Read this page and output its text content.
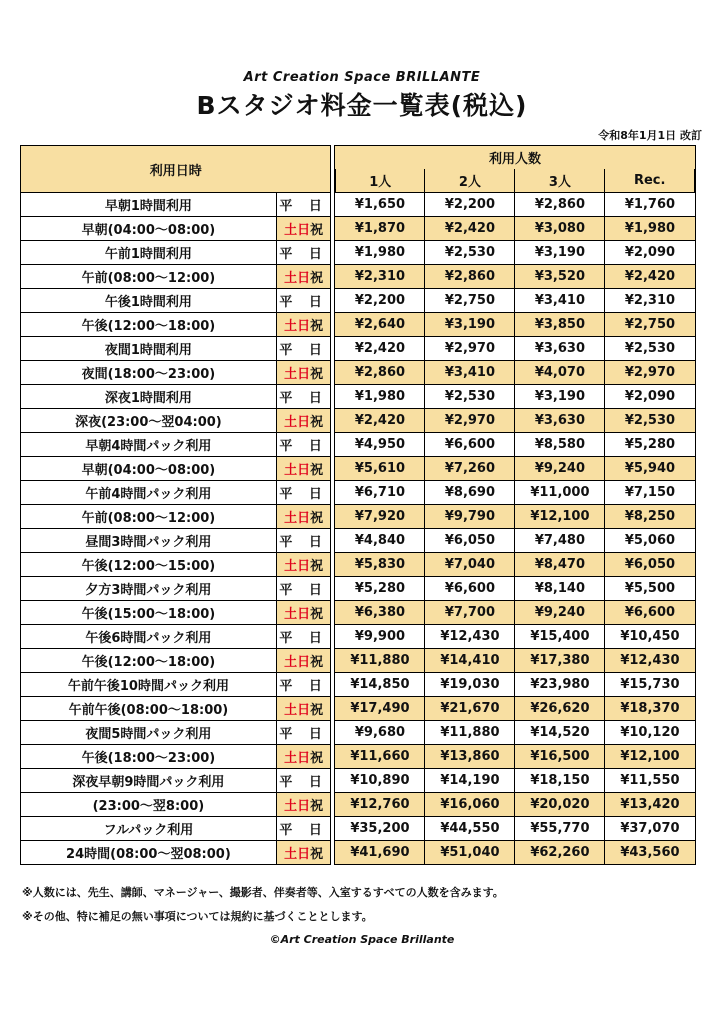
Art Creation Space BRILLANTE
Bスタジオ料金一覧表(税込)
令和8年1月1日 改訂
利用日時			利用人数			
			1人	2人	3人	Rec.
早朝1時間利用	平 日		¥1,650	¥2,200	¥2,860	¥1,760
早朝(04:00〜08:00)	土日祝		¥1,870	¥2,420	¥3,080	¥1,980
午前1時間利用	平 日		¥1,980	¥2,530	¥3,190	¥2,090
午前(08:00〜12:00)	土日祝		¥2,310	¥2,860	¥3,520	¥2,420
午後1時間利用	平 日		¥2,200	¥2,750	¥3,410	¥2,310
午後(12:00〜18:00)	土日祝		¥2,640	¥3,190	¥3,850	¥2,750
夜間1時間利用	平 日		¥2,420	¥2,970	¥3,630	¥2,530
夜間(18:00〜23:00)	土日祝		¥2,860	¥3,410	¥4,070	¥2,970
深夜1時間利用	平 日		¥1,980	¥2,530	¥3,190	¥2,090
深夜(23:00〜翌04:00)	土日祝		¥2,420	¥2,970	¥3,630	¥2,530
早朝4時間パック利用	平 日		¥4,950	¥6,600	¥8,580	¥5,280
早朝(04:00〜08:00)	土日祝		¥5,610	¥7,260	¥9,240	¥5,940
午前4時間パック利用	平 日		¥6,710	¥8,690	¥11,000	¥7,150
午前(08:00〜12:00)	土日祝		¥7,920	¥9,790	¥12,100	¥8,250
昼間3時間パック利用	平 日		¥4,840	¥6,050	¥7,480	¥5,060
午後(12:00〜15:00)	土日祝		¥5,830	¥7,040	¥8,470	¥6,050
夕方3時間パック利用	平 日		¥5,280	¥6,600	¥8,140	¥5,500
午後(15:00〜18:00)	土日祝		¥6,380	¥7,700	¥9,240	¥6,600
午後6時間パック利用	平 日		¥9,900	¥12,430	¥15,400	¥10,450
午後(12:00〜18:00)	土日祝		¥11,880	¥14,410	¥17,380	¥12,430
午前午後10時間パック利用	平 日		¥14,850	¥19,030	¥23,980	¥15,730
午前午後(08:00〜18:00)	土日祝		¥17,490	¥21,670	¥26,620	¥18,370
夜間5時間パック利用	平 日		¥9,680	¥11,880	¥14,520	¥10,120
午後(18:00〜23:00)	土日祝		¥11,660	¥13,860	¥16,500	¥12,100
深夜早朝9時間パック利用	平 日		¥10,890	¥14,190	¥18,150	¥11,550
(23:00〜翌8:00)	土日祝		¥12,760	¥16,060	¥20,020	¥13,420
フルパック利用	平 日		¥35,200	¥44,550	¥55,770	¥37,070
24時間(08:00〜翌08:00)	土日祝		¥41,690	¥51,040	¥62,260	¥43,560
※人数には、先生、講師、マネージャー、撮影者、伴奏者等、入室するすべての人数を含みます。
※その他、特に補足の無い事項については規約に基づくこととします。
©Art Creation Space Brillante
